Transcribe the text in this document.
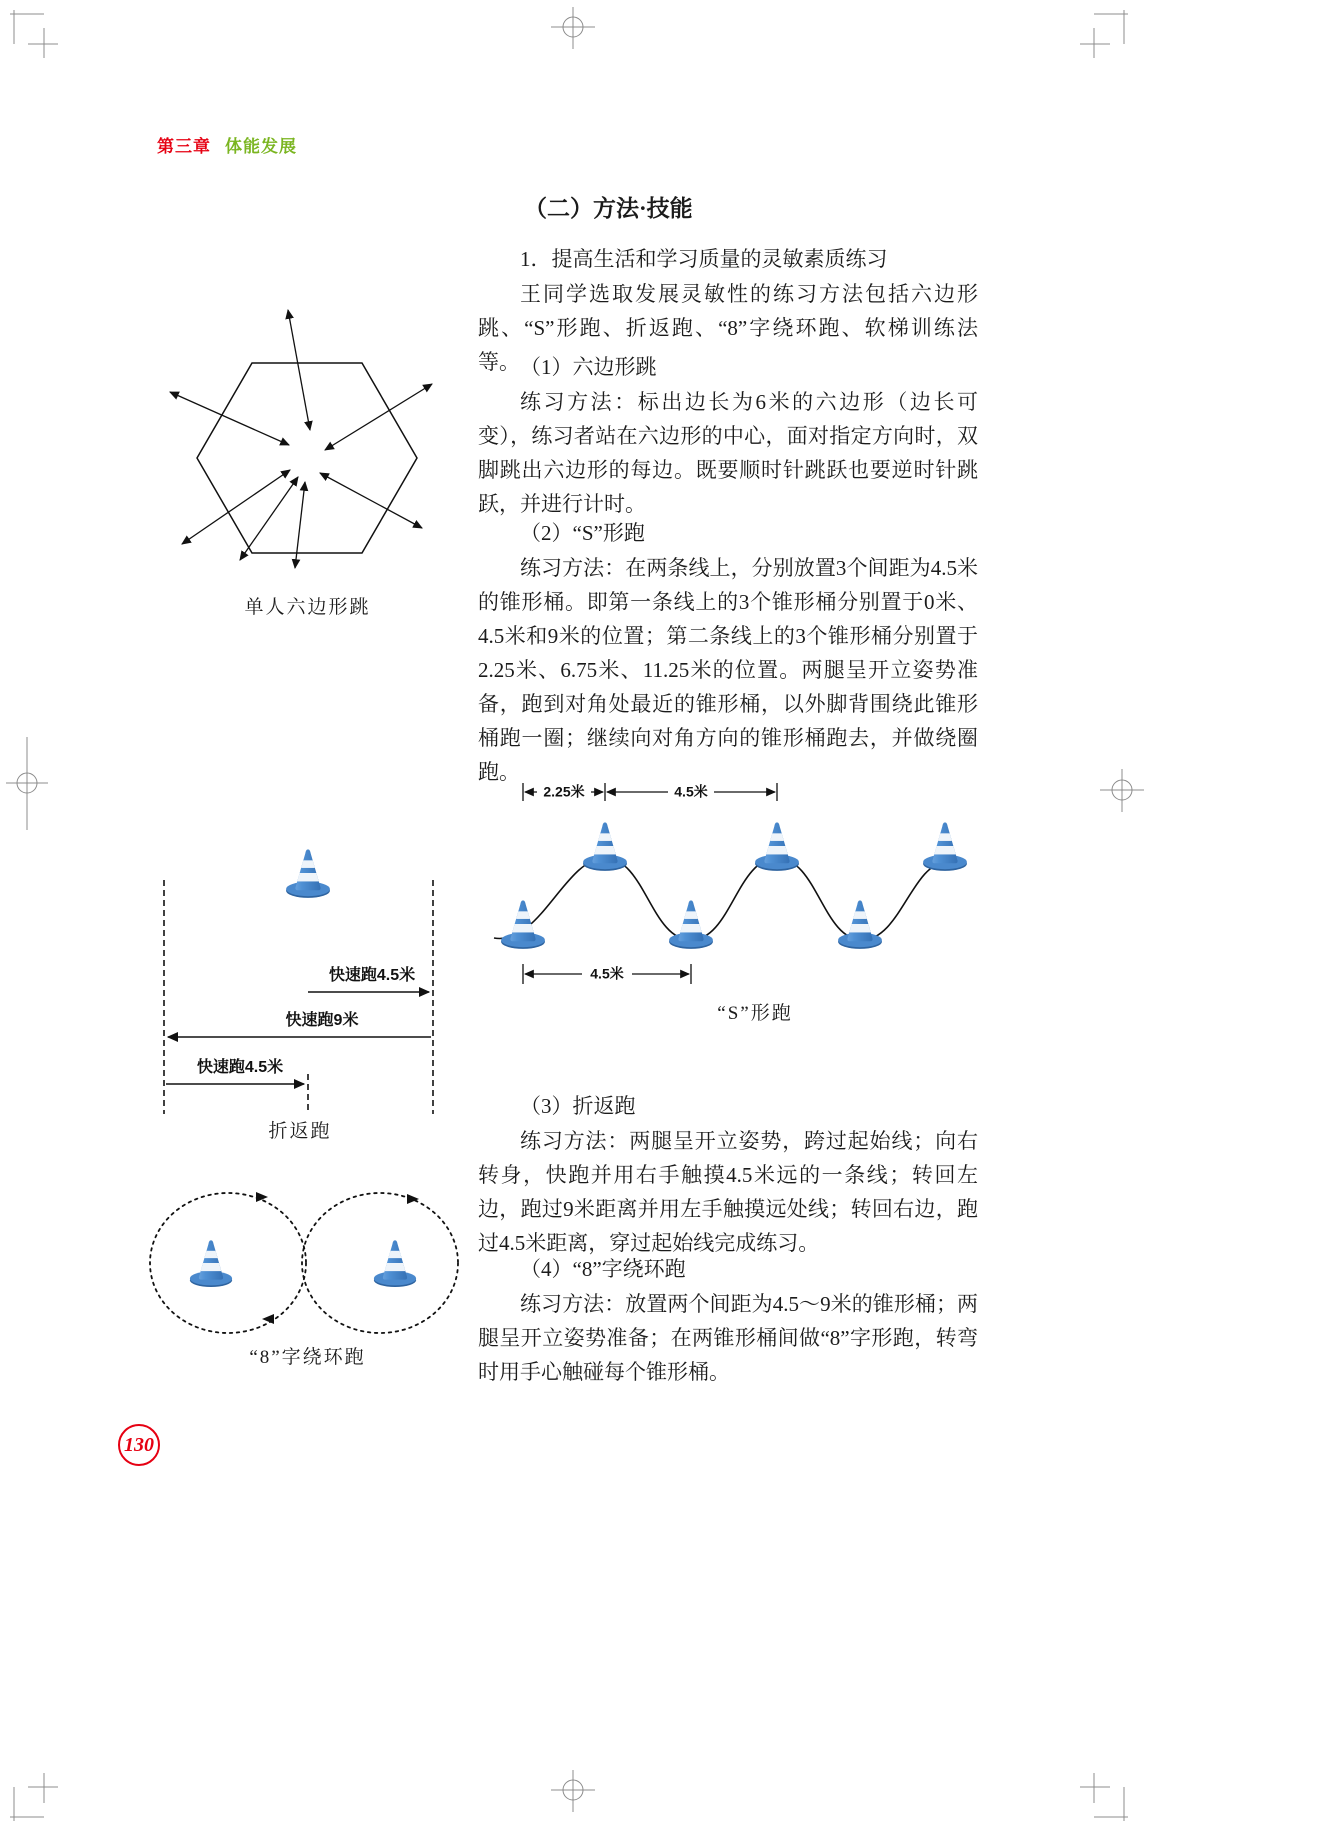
第三章 体能发展
（二）方法·技能
1．提高生活和学习质量的灵敏素质练习
王同学选取发展灵敏性的练习方法包括六边形跳、“S”形跑、折返跑、“8”字绕环跑、软梯训练法等。 （1）六边形跳
练习方法：标出边长为6米的六边形（边长可变），练习者站在六边形的中心，面对指定方向时，双脚跳出六边形的每边。既要顺时针跳跃也要逆时针跳跃，并进行计时。
（2）“S”形跑
练习方法：在两条线上，分别放置3个间距为4.5米的锥形桶。即第一条线上的3个锥形桶分别置于0米、4.5米和9米的位置；第二条线上的3个锥形桶分别置于2.25米、6.75米、11.25米的位置。两腿呈开立姿势准备，跑到对角处最近的锥形桶，以外脚背围绕此锥形桶跑一圈；继续向对角方向的锥形桶跑去，并做绕圈跑。
（3）折返跑
练习方法：两腿呈开立姿势，跨过起始线；向右转身，快跑并用右手触摸4.5米远的一条线；转回左边，跑过9米距离并用左手触摸远处线；转回右边，跑过4.5米距离，穿过起始线完成练习。
（4）“8”字绕环跑
练习方法：放置两个间距为4.5～9米的锥形桶；两腿呈开立姿势准备；在两锥形桶间做“8”字形跑，转弯时用手心触碰每个锥形桶。
单人六边形跳
2.25米	4.5米
4.5米
“S”形跑
快速跑4.5米
快速跑9米
快速跑4.5米
折返跑
“8”字绕环跑
130
